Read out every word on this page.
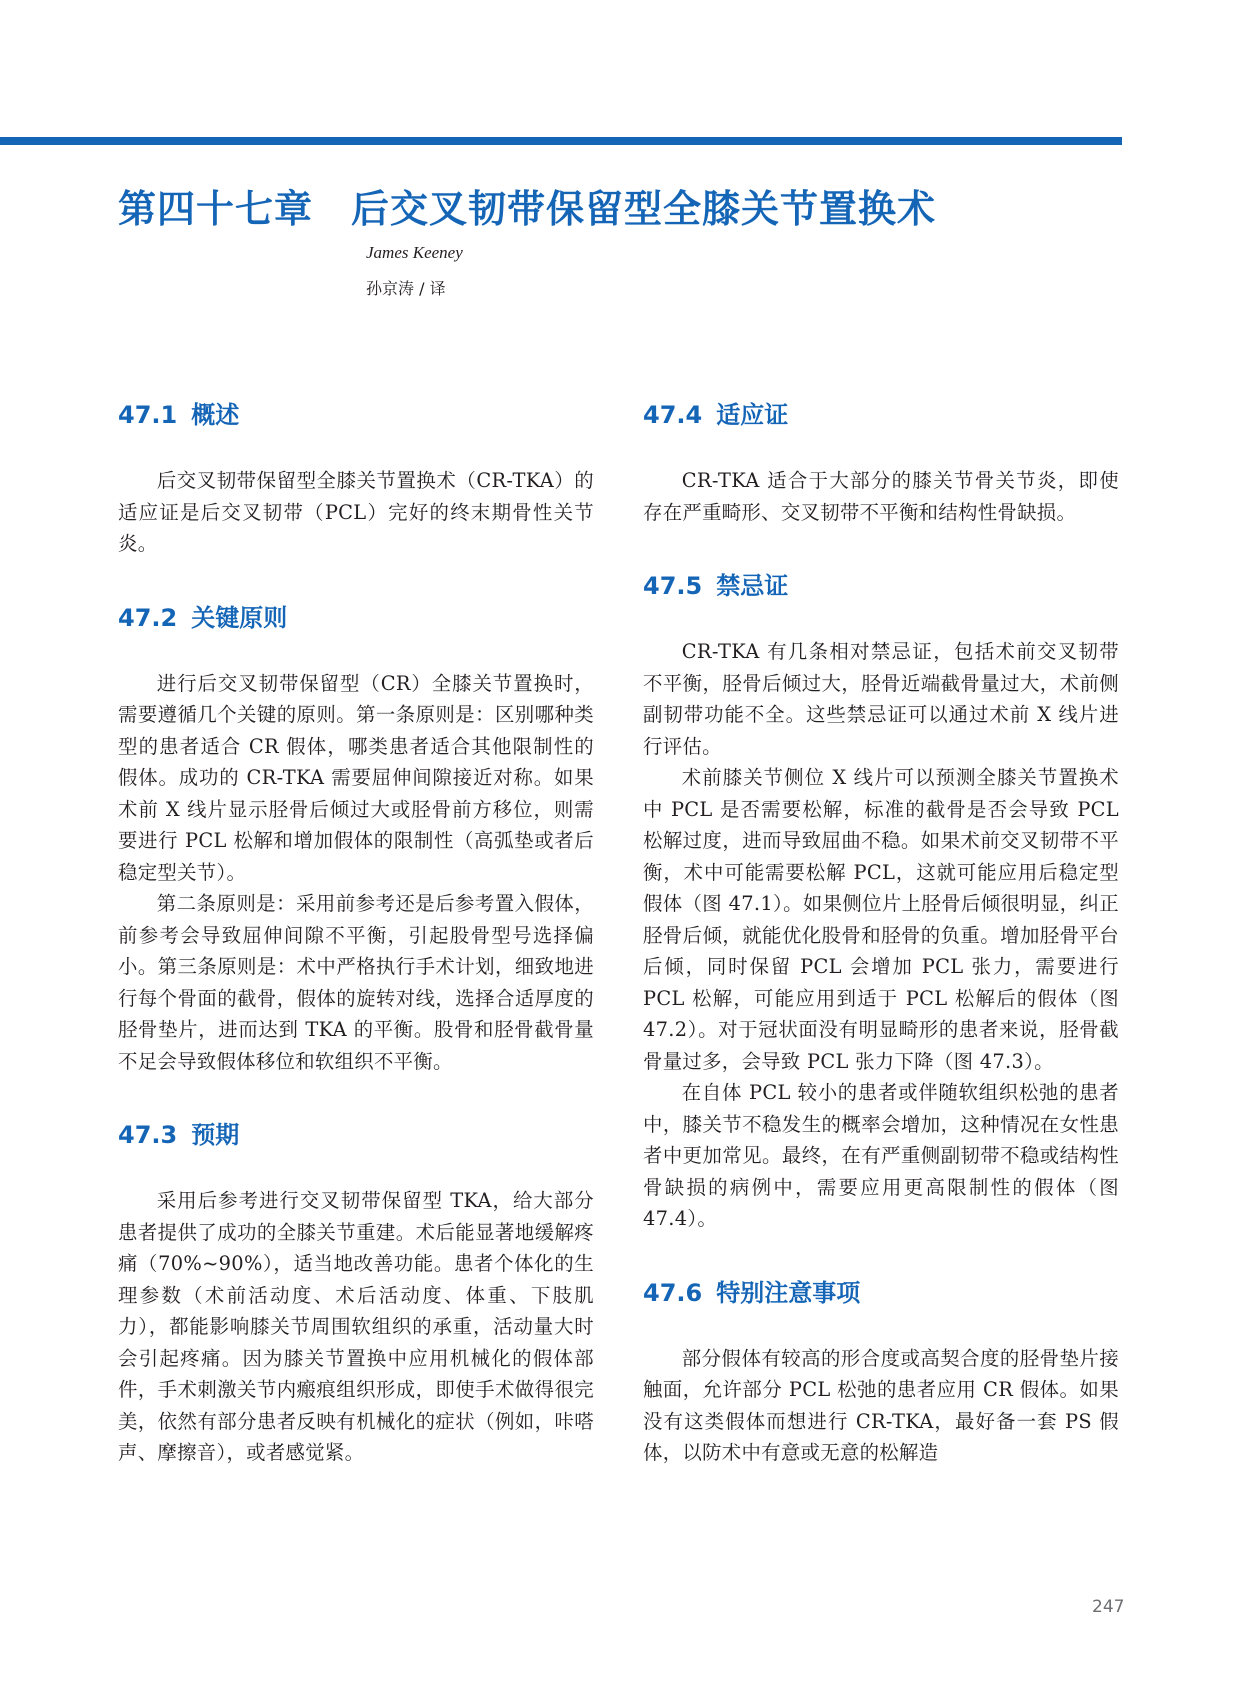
第四十七章 后交叉韧带保留型全膝关节置换术
James Keeney
孙京涛 / 译
47.1 概述

后交叉韧带保留型全膝关节置换术（CR-TKA）的适应证是后交叉韧带（PCL）完好的终末期骨性关节炎。

47.2 关键原则

进行后交叉韧带保留型（CR）全膝关节置换时，需要遵循几个关键的原则。第一条原则是：区别哪种类型的患者适合 CR 假体，哪类患者适合其他限制性的假体。成功的 CR-TKA 需要屈伸间隙接近对称。如果术前 X 线片显示胫骨后倾过大或胫骨前方移位，则需要进行 PCL 松解和增加假体的限制性（高弧垫或者后稳定型关节）。

第二条原则是：采用前参考还是后参考置入假体，前参考会导致屈伸间隙不平衡，引起股骨型号选择偏小。第三条原则是：术中严格执行手术计划，细致地进行每个骨面的截骨，假体的旋转对线，选择合适厚度的胫骨垫片，进而达到 TKA 的平衡。股骨和胫骨截骨量不足会导致假体移位和软组织不平衡。

47.3 预期

采用后参考进行交叉韧带保留型 TKA，给大部分患者提供了成功的全膝关节重建。术后能显著地缓解疼痛（70%~90%），适当地改善功能。患者个体化的生理参数（术前活动度、术后活动度、体重、下肢肌力），都能影响膝关节周围软组织的承重，活动量大时会引起疼痛。因为膝关节置换中应用机械化的假体部件，手术刺激关节内瘢痕组织形成，即使手术做得很完美，依然有部分患者反映有机械化的症状（例如，咔嗒声、摩擦音），或者感觉紧。

47.4 适应证

CR-TKA 适合于大部分的膝关节骨关节炎，即使存在严重畸形、交叉韧带不平衡和结构性骨缺损。

47.5 禁忌证

CR-TKA 有几条相对禁忌证，包括术前交叉韧带不平衡，胫骨后倾过大，胫骨近端截骨量过大，术前侧副韧带功能不全。这些禁忌证可以通过术前 X 线片进行评估。

术前膝关节侧位 X 线片可以预测全膝关节置换术中 PCL 是否需要松解，标准的截骨是否会导致 PCL 松解过度，进而导致屈曲不稳。如果术前交叉韧带不平衡，术中可能需要松解 PCL，这就可能应用后稳定型假体（图 47.1）。如果侧位片上胫骨后倾很明显，纠正胫骨后倾，就能优化股骨和胫骨的负重。增加胫骨平台后倾，同时保留 PCL 会增加 PCL 张力，需要进行 PCL 松解，可能应用到适于 PCL 松解后的假体（图 47.2）。对于冠状面没有明显畸形的患者来说，胫骨截骨量过多，会导致 PCL 张力下降（图 47.3）。

在自体 PCL 较小的患者或伴随软组织松弛的患者中，膝关节不稳发生的概率会增加，这种情况在女性患者中更加常见。最终，在有严重侧副韧带不稳或结构性骨缺损的病例中，需要应用更高限制性的假体（图 47.4）。

47.6 特别注意事项

部分假体有较高的形合度或高契合度的胫骨垫片接触面，允许部分 PCL 松弛的患者应用 CR 假体。如果没有这类假体而想进行 CR-TKA，最好备一套 PS 假体，以防术中有意或无意的松解造

247
